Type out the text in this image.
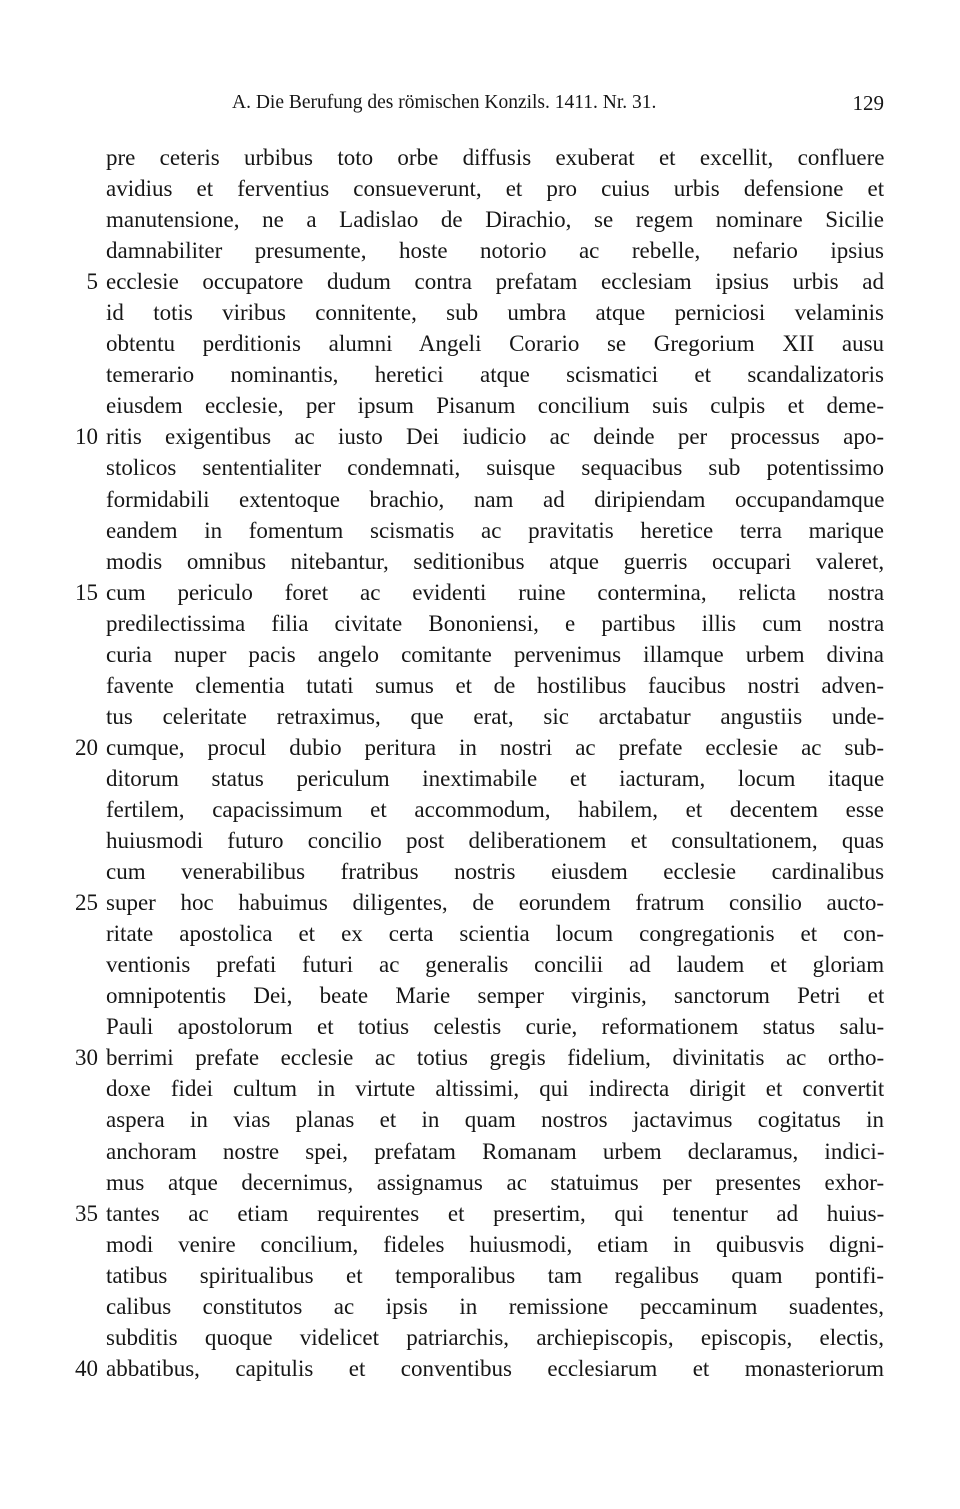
A. Die Berufung des römischen Konzils. 1411. Nr. 31.	129
pre ceteris urbibus toto orbe diffusis exuberat et excellit, confluere
avidius et ferventius consueverunt, et pro cuius urbis defensione et
manutensione, ne a Ladislao de Dirachio, se regem nominare Sicilie
damnabiliter presumente, hoste notorio ac rebelle, nefario ipsius
5 ecclesie occupatore dudum contra prefatam ecclesiam ipsius urbis ad
id totis viribus connitente, sub umbra atque perniciosi velaminis
obtentu perditionis alumni Angeli Corario se Gregorium XII ausu
temerario nominantis, heretici atque scismatici et scandalizatoris
eiusdem ecclesie, per ipsum Pisanum concilium suis culpis et deme-
10 ritis exigentibus ac iusto Dei iudicio ac deinde per processus apo-
stolicos sententialiter condemnati, suisque sequacibus sub potentissimo
formidabili extentoque brachio, nam ad diripiendam occupandamque
eandem in fomentum scismatis ac pravitatis heretice terra marique
modis omnibus nitebantur, seditionibus atque guerris occupari valeret,
15 cum periculo foret ac evidenti ruine contermina, relicta nostra
predilectissima filia civitate Bononiensi, e partibus illis cum nostra
curia nuper pacis angelo comitante pervenimus illamque urbem divina
favente clementia tutati sumus et de hostilibus faucibus nostri adven-
tus celeritate retraximus, que erat, sic arctabatur angustiis unde-
20 cumque, procul dubio peritura in nostri ac prefate ecclesie ac sub-
ditorum status periculum inextimabile et iacturam, locum itaque
fertilem, capacissimum et accommodum, habilem, et decentem esse
huiusmodi futuro concilio post deliberationem et consultationem, quas
cum venerabilibus fratribus nostris eiusdem ecclesie cardinalibus
25 super hoc habuimus diligentes, de eorundem fratrum consilio aucto-
ritate apostolica et ex certa scientia locum congregationis et con-
ventionis prefati futuri ac generalis concilii ad laudem et gloriam
omnipotentis Dei, beate Marie semper virginis, sanctorum Petri et
Pauli apostolorum et totius celestis curie, reformationem status salu-
30 berrimi prefate ecclesie ac totius gregis fidelium, divinitatis ac ortho-
doxe fidei cultum in virtute altissimi, qui indirecta dirigit et convertit
aspera in vias planas et in quam nostros jactavimus cogitatus in
anchoram nostre spei, prefatam Romanam urbem declaramus, indici-
mus atque decernimus, assignamus ac statuimus per presentes exhor-
35 tantes ac etiam requirentes et presertim, qui tenentur ad huius-
modi venire concilium, fideles huiusmodi, etiam in quibusvis digni-
tatibus spiritualibus et temporalibus tam regalibus quam pontifi-
calibus constitutos ac ipsis in remissione peccaminum suadentes,
subditis quoque videlicet patriarchis, archiepiscopis, episcopis, electis,
40 abbatibus, capitulis et conventibus ecclesiarum et monasteriorum
